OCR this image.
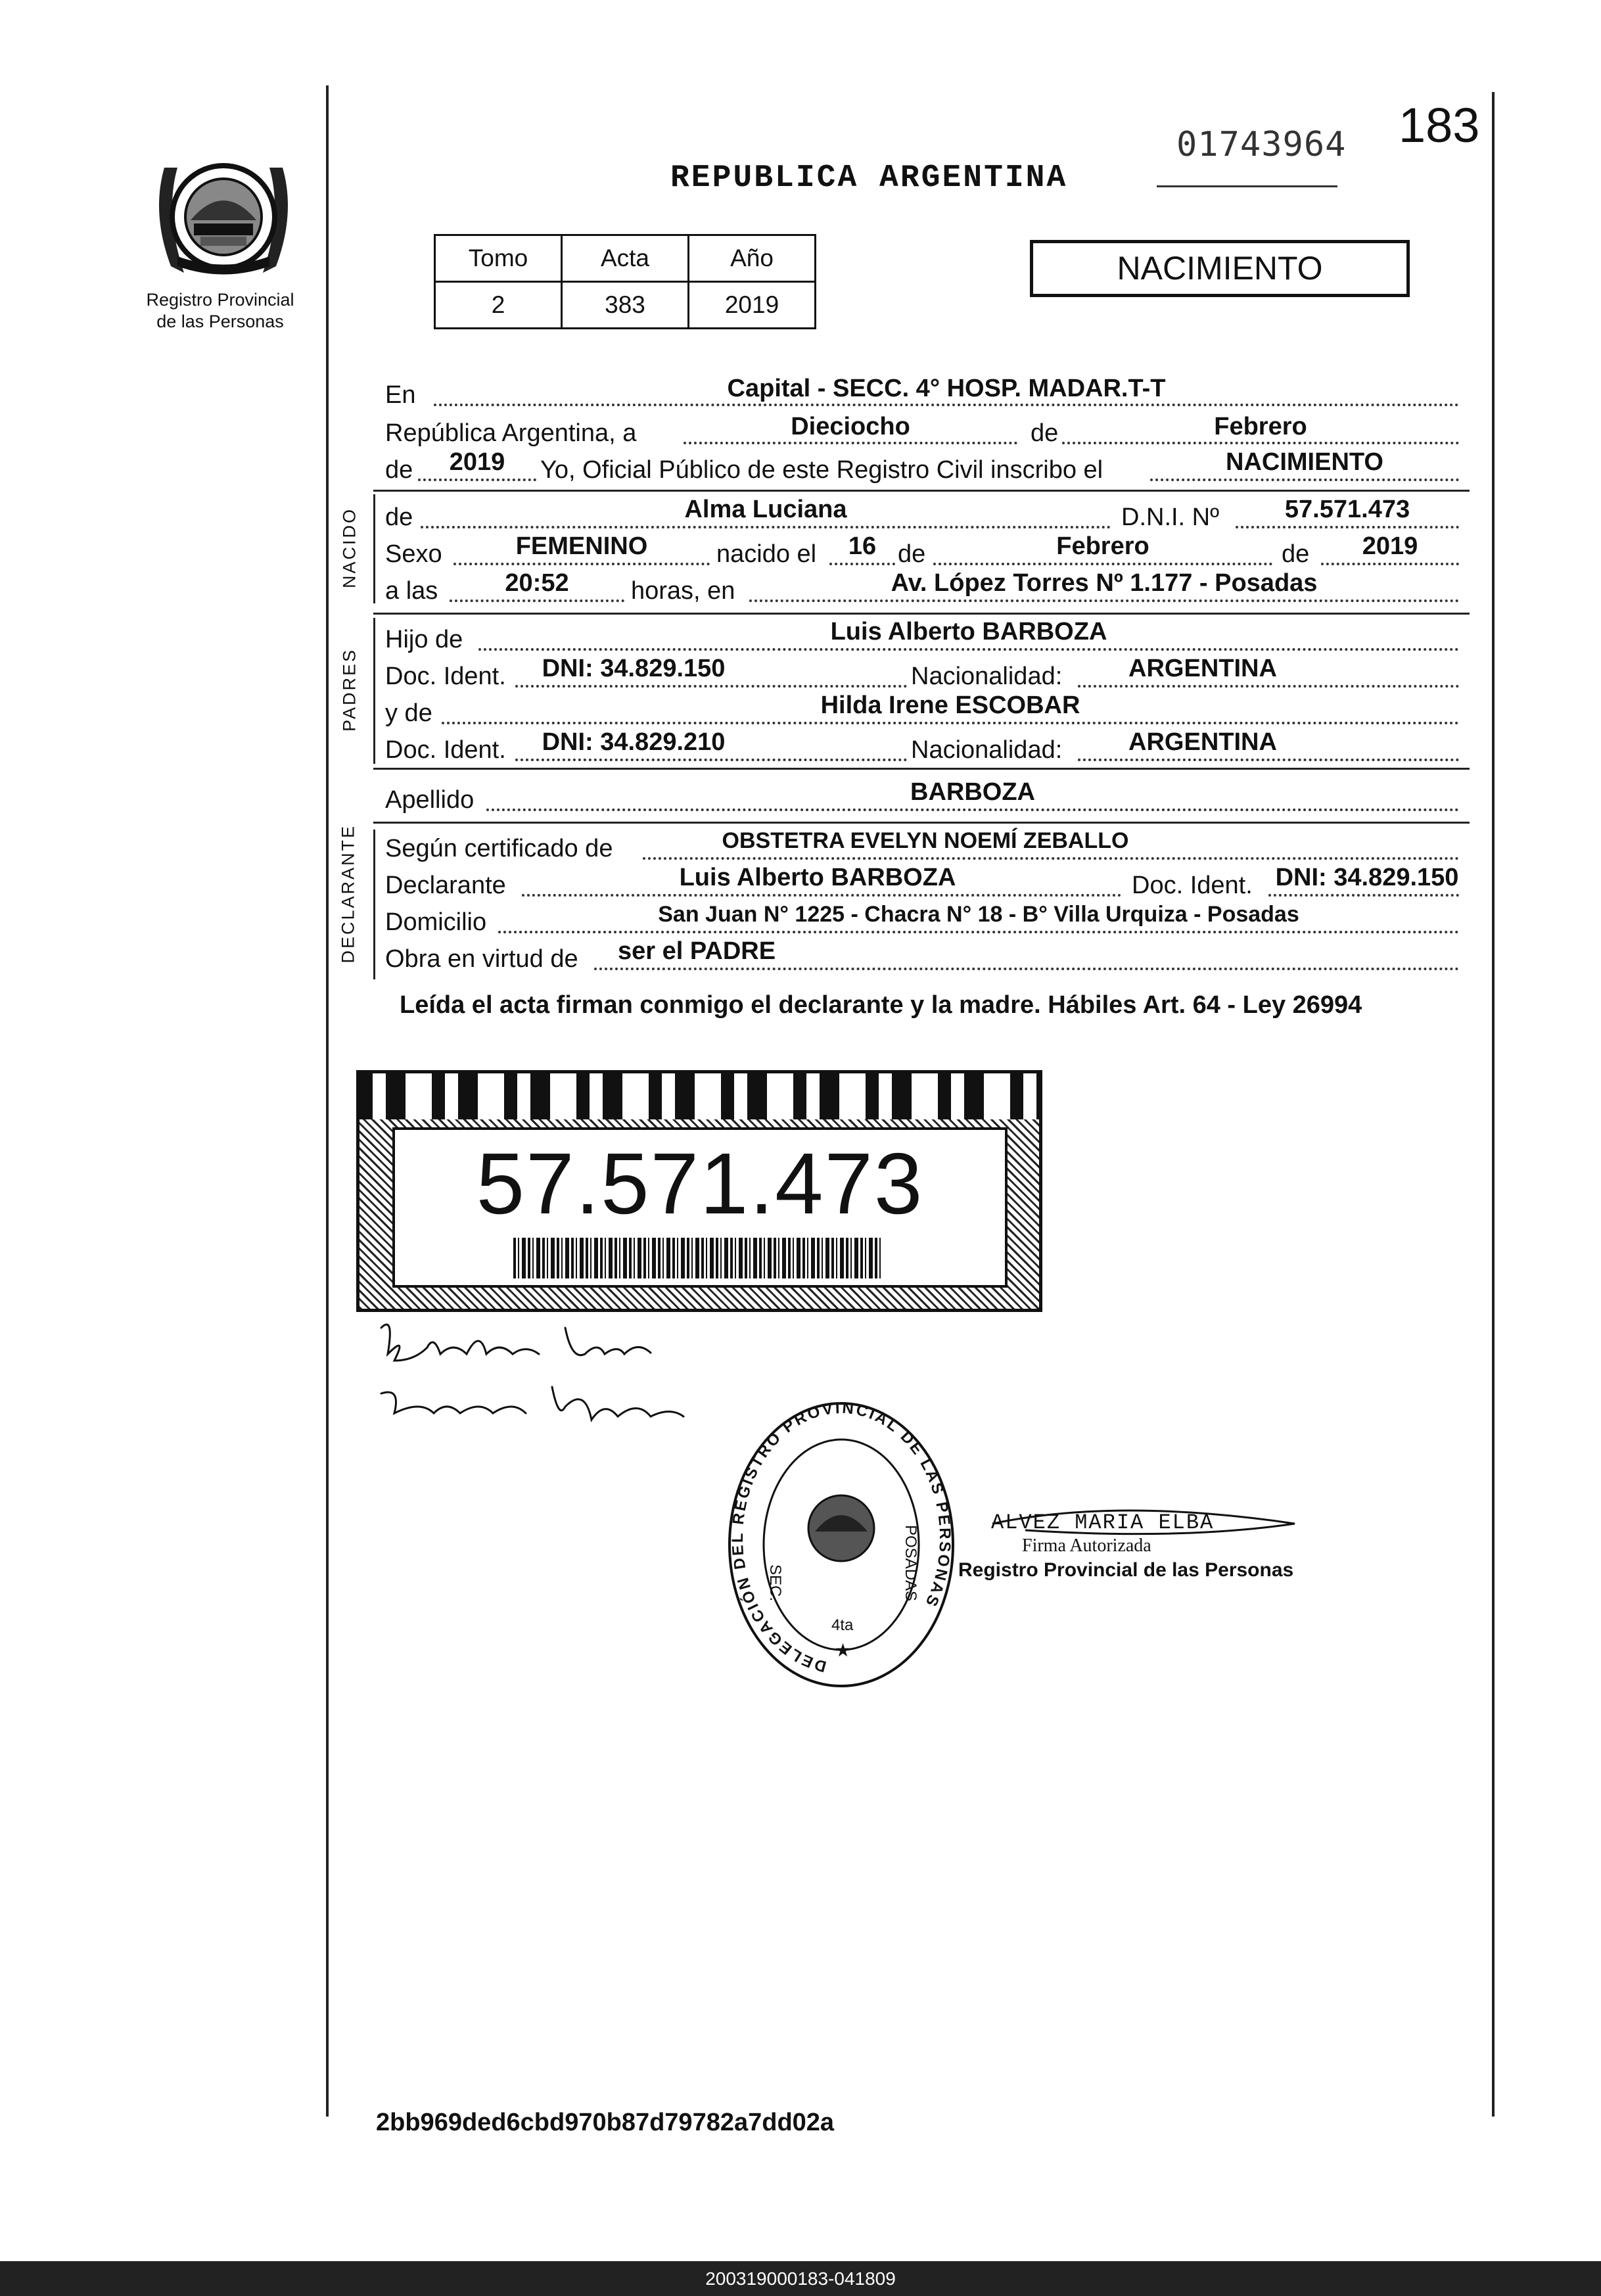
183
01743964
REPUBLICA ARGENTINA
Registro Provincial
de las Personas
Tomo	Acta	Año
2	383	2019
NACIMIENTO
En	Capital - SECC. 4° HOSP. MADAR.T-T
República Argentina, a	Dieciocho	de	Febrero
de	2019	Yo, Oficial Público de este Registro Civil inscribo el	NACIMIENTO
NACIDO de	Alma Luciana	D.N.I. Nº	57.571.473
Sexo	FEMENINO	nacido el	16 de	Febrero	de	2019
a las	20:52	horas, en	Av. López Torres Nº 1.177 - Posadas
PADRES
Hijo de	Luis Alberto BARBOZA
Doc. Ident.	DNI: 34.829.150	Nacionalidad:	ARGENTINA
y de	Hilda Irene ESCOBAR
Doc. Ident.	DNI: 34.829.210	Nacionalidad:	ARGENTINA
Apellido	BARBOZA
DECLARANTE Según certificado de	OBSTETRA EVELYN NOEMÍ ZEBALLO
Declarante	Luis Alberto BARBOZA	Doc. Ident. DNI: 34.829.150
Domicilio	San Juan N° 1225 - Chacra N° 18 - B° Villa Urquiza - Posadas
Obra en virtud de ser el PADRE
Leída el acta firman conmigo el declarante y la madre. Hábiles Art. 64 - Ley 26994
57.571.473
DELEGACIÓN DEL REGISTRO PROVINCIAL DE LAS PERSONAS
SEC.	POSADAS
4ta
★
ALVEZ MARIA ELBA
Firma Autorizada
Registro Provincial de las Personas
2bb969ded6cbd970b87d79782a7dd02a
200319000183-041809
